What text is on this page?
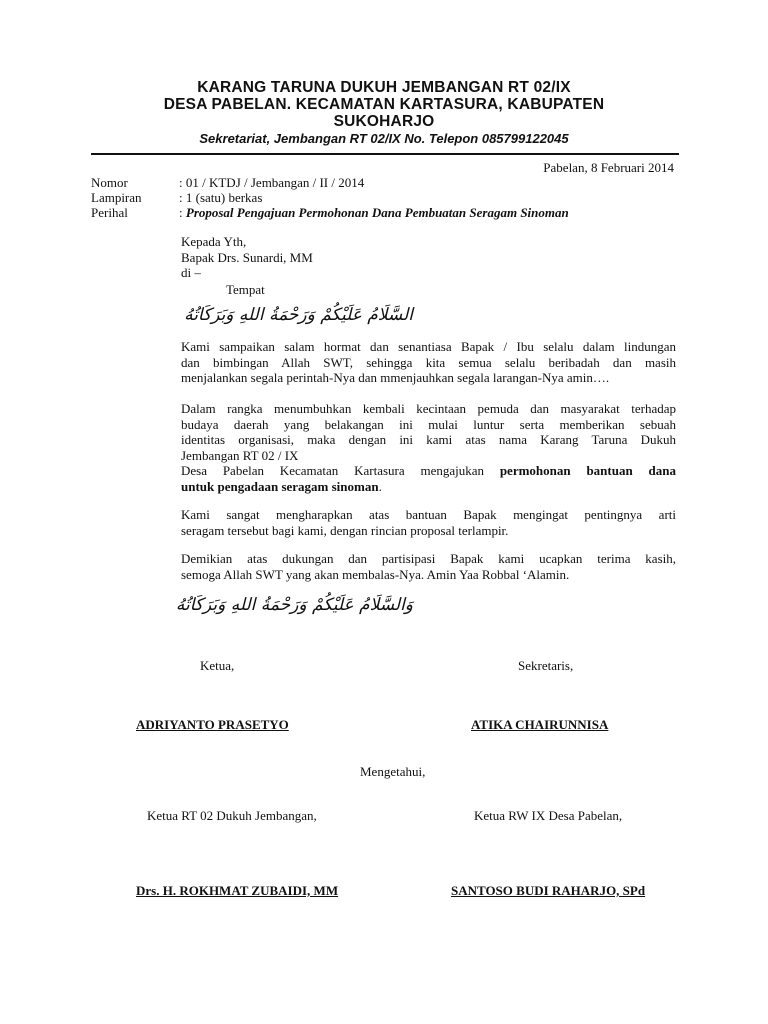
KARANG TARUNA DUKUH JEMBANGAN RT 02/IX
DESA PABELAN. KECAMATAN KARTASURA, KABUPATEN
SUKOHARJO
Sekretariat, Jembangan RT 02/IX No. Telepon 085799122045
Pabelan, 8 Februari 2014
Nomor	: 01 / KTDJ / Jembangan / II / 2014
Lampiran	: 1 (satu) berkas
Perihal	: Proposal Pengajuan Permohonan Dana Pembuatan Seragam Sinoman
Kepada Yth,
Bapak Drs. Sunardi, MM
di –
Tempat
السَّلَامُ عَلَيْكُمْ وَرَحْمَةُ اللهِ وَبَرَكَاتُهُ
Kami sampaikan salam hormat dan senantiasa Bapak / Ibu selalu dalam lindungan
dan bimbingan Allah SWT, sehingga kita semua selalu beribadah dan masih
menjalankan segala perintah-Nya dan mmenjauhkan segala larangan-Nya amin….
Dalam rangka menumbuhkan kembali kecintaan pemuda dan masyarakat terhadap
budaya daerah yang belakangan ini mulai luntur serta memberikan sebuah
identitas organisasi, maka dengan ini kami atas nama Karang Taruna Dukuh
Jembangan RT 02 / IX
Desa Pabelan Kecamatan Kartasura mengajukan permohonan bantuan dana
untuk pengadaan seragam sinoman.
Kami sangat mengharapkan atas bantuan Bapak mengingat pentingnya arti
seragam tersebut bagi kami, dengan rincian proposal terlampir.
Demikian atas dukungan dan partisipasi Bapak kami ucapkan terima kasih,
semoga Allah SWT yang akan membalas-Nya. Amin Yaa Robbal ‘Alamin.
وَالسَّلَامُ عَلَيْكُمْ وَرَحْمَةُ اللهِ وَبَرَكَاتُهُ
Ketua,	Sekretaris,
ADRIYANTO PRASETYO	ATIKA CHAIRUNNISA
Mengetahui,
Ketua RT 02 Dukuh Jembangan,	Ketua RW IX Desa Pabelan,
Drs. H. ROKHMAT ZUBAIDI, MM	SANTOSO BUDI RAHARJO, SPd
